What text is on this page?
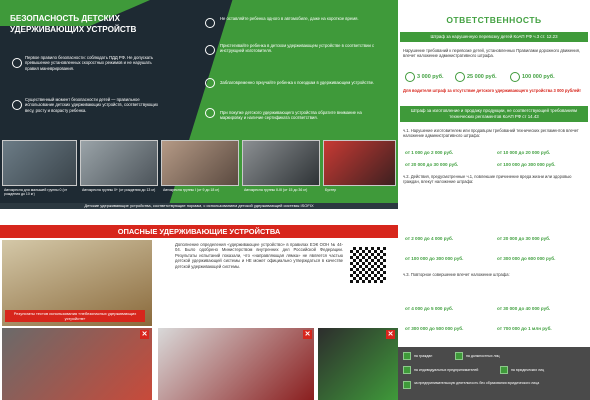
БЕЗОПАСНОСТЬ ДЕТСКИХ УДЕРЖИВАЮЩИХ УСТРОЙСТВ
Первое правило безопасности: соблюдать ПДД РФ. Не допускать превышение установленных скоростных режимов и не нарушать правил маневрирования.
Существенный момент безопасности детей — правильное использование детских удерживающих устройств, соответствующих весу, росту и возрасту ребенка.
Не оставляйте ребенка одного в автомобиле, даже на короткое время.
Пристегивайте ребенка в детском удерживающем устройстве в соответствии с инструкцией изготовителя.
Заблаговременно приучайте ребенка к поездкам в удерживающем устройстве.
При покупке детского удерживающего устройства обратите внимание на маркировку и наличие сертификата соответствия.
Автокресла для малышей группы 0 (от рождения до 10 кг)
Автокресла группы 0+ (от рождения до 13 кг)	Автокресла группы I (от 9 до 18 кг)	Автокресла группы II-III (от 15 до 36 кг)	Бустер
Детские удерживающие устройства, соответствующие нормам, с использованием детской удерживающей системы ISOFIX
ОПАСНЫЕ УДЕРЖИВАЮЩИЕ УСТРОЙСТВА
Результаты тестов использования «небезопасных удерживающих устройств»
Дополнение определения «удерживающее устройство» в правилах ЕЭК ООН № 44-04. Было одобрено Министерством внутренних дел Российской Федерации. Результаты испытаний показали, что «направляющая лямка» не является частью детской удерживающей системы и НЕ может официально утверждаться в качестве детской удерживающей системы.
✕	✕	✕
ОТВЕТСТВЕННОСТЬ
Штраф за нарушенную перевозку детей КоАП РФ ч.3 ст. 12.23
Нарушение требований к перевозке детей, установленных Правилами дорожного движения, влечет наложение административного штрафа.
3 000 руб.	25 000 руб.	100 000 руб.
Для водителя штраф за отсутствие детского удерживающего устройства 3 000 рублей!
Штраф за изготовление и продажу продукции, не соответствующей требованиям технических регламентов КоАП РФ ст 14.43
ч.1. Нарушение изготовителем или продавцом требований технических регламентов влечет наложение административного штрафа:
от 1 000 до 2 000 руб.	от 10 000 до 20 000 руб.
от 20 000 до 30 000 руб.	от 100 000 до 300 000 руб.
ч.2. Действия, предусмотренные ч.1, повлекшие причинение вреда жизни или здоровью граждан, влекут наложение штрафа:
от 2 000 до 4 000 руб.	от 20 000 до 30 000 руб.
от 100 000 до 300 000 руб.	от 300 000 до 600 000 руб.
ч.3. Повторное совершение влечет наложение штрафа:
от 4 000 до 5 000 руб.	от 30 000 до 40 000 руб.
от 300 000 до 500 000 руб.	от 700 000 до 1 млн руб.
на граждан	на должностных лиц
на индивидуальных предпринимателей	на юридических лиц
за предпринимательскую деятельность без образования юридического лица
